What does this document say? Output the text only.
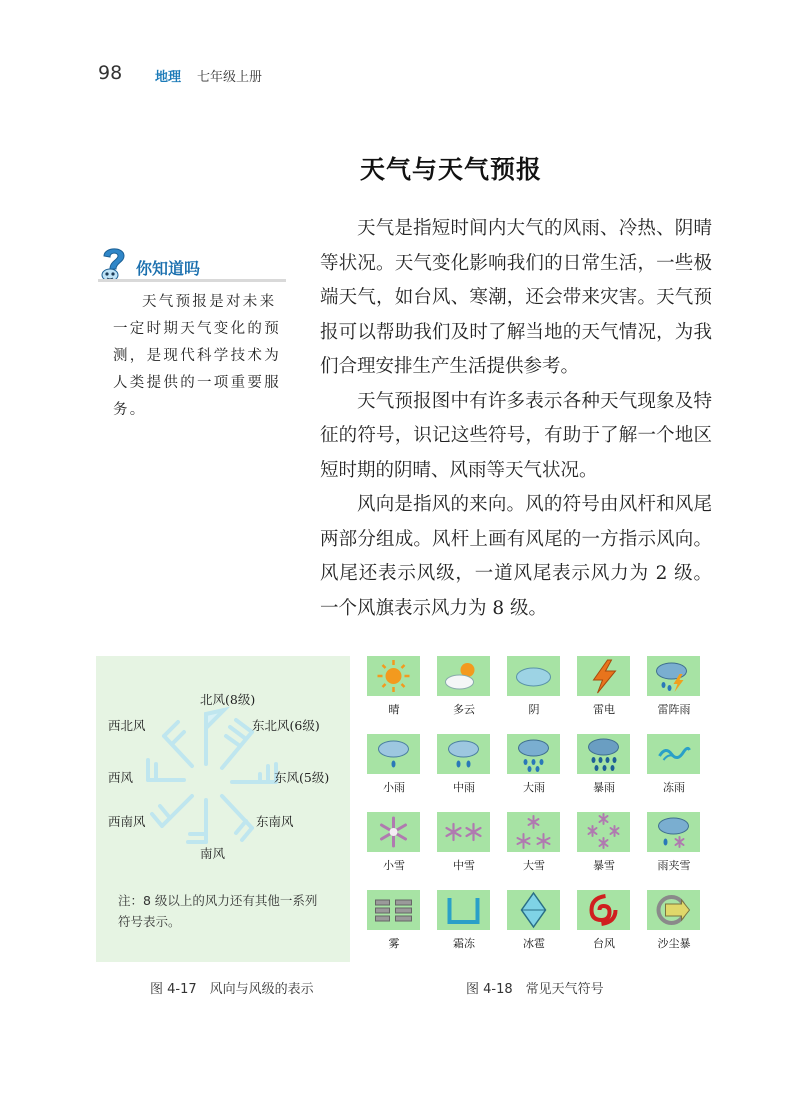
98	地理 七年级上册
天气与天气预报

天气是指短时间内大气的风雨、冷热、阴晴等状况。天气变化影响我们的日常生活，一些极端天气，如台风、寒潮，还会带来灾害。天气预报可以帮助我们及时了解当地的天气情况，为我们合理安排生产生活提供参考。

天气预报图中有许多表示各种天气现象及特征的符号，识记这些符号，有助于了解一个地区短时期的阴晴、风雨等天气状况。

风向是指风的来向。风的符号由风杆和风尾两部分组成。风杆上画有风尾的一方指示风向。风尾还表示风级，一道风尾表示风力为 2 级。一个风旗表示风力为 8 级。

你知道吗

天气预报是对未来一定时期天气变化的预测，是现代科学技术为人类提供的一项重要服务。

北风(8级)
东北风(6级)
东风(5级)
东南风
南风
西南风
西风
西北风
注：8 级以上的风力还有其他一系列符号表示。
图 4-17　风向与风级的表示
晴	多云	阴	雷电	雷阵雨
小雨	中雨	大雨	暴雨	冻雨
小雪	中雪	大雪	暴雪	雨夹雪
雾	霜冻	冰雹	台风	沙尘暴
图 4-18　常见天气符号
